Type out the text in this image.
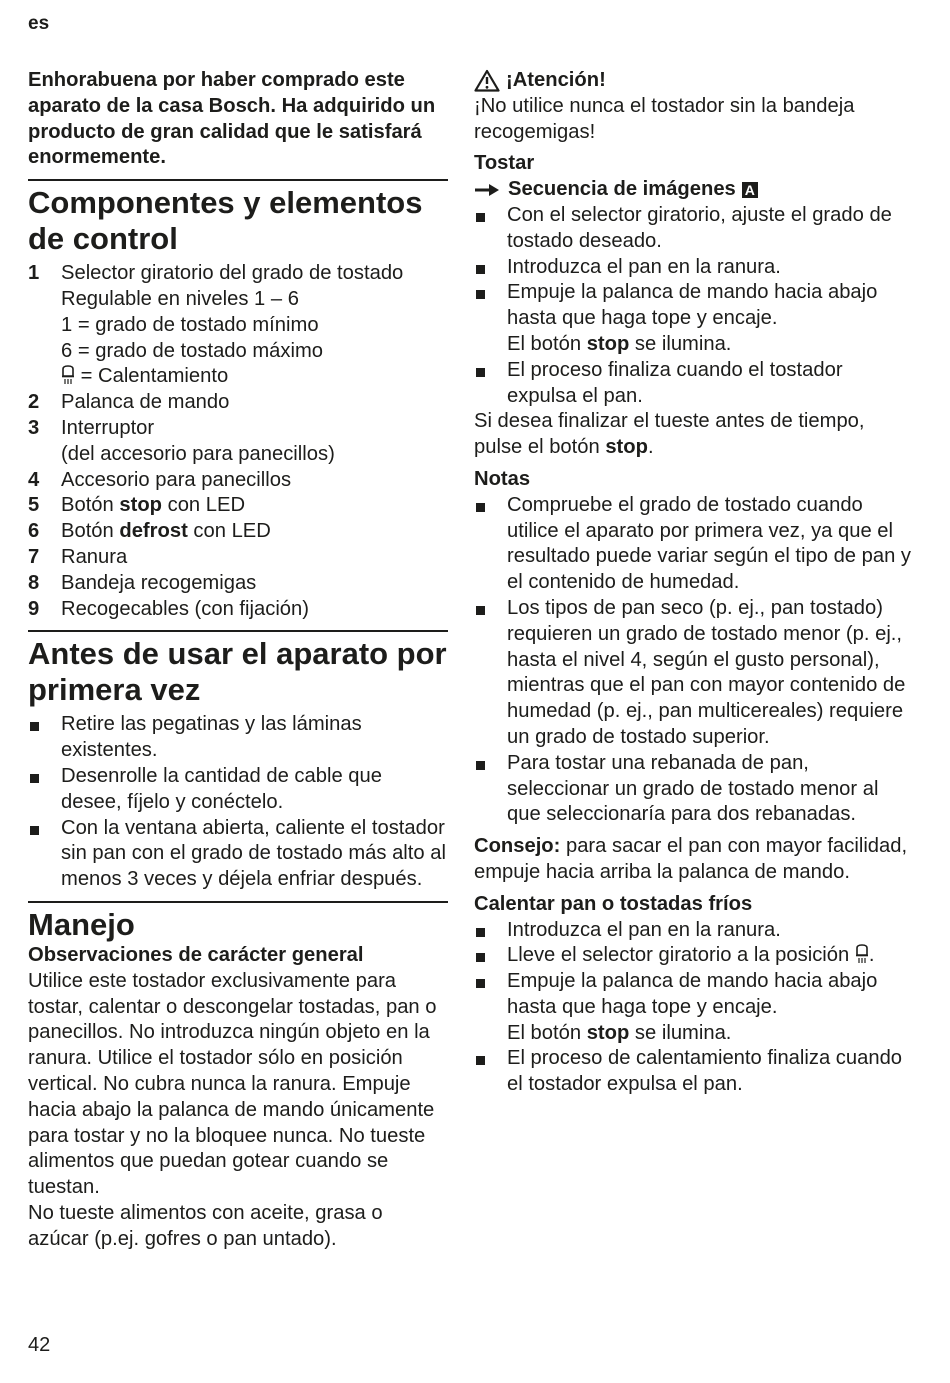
es

Enhorabuena por haber comprado este aparato de la casa Bosch. Ha adquirido un producto de gran calidad que le satisfará enormemente.

Componentes y elementos de control
1	Selector giratorio del grado de tostado
Regulable en niveles 1 – 6
1 = grado de tostado mínimo
6 = grado de tostado máximo
= Calentamiento
2	Palanca de mando
3	Interruptor
(del accesorio para panecillos)
4	Accesorio para panecillos
5	Botón stop con LED
6	Botón defrost con LED
7	Ranura
8	Bandeja recogemigas
9	Recogecables (con fijación)
Antes de usar el aparato por primera vez
Retire las pegatinas y las láminas existentes.
Desenrolle la cantidad de cable que desee, fíjelo y conéctelo.
Con la ventana abierta, caliente el tostador sin pan con el grado de tostado más alto al menos 3 veces y déjela enfriar después.
Manejo
Observaciones de carácter general

Utilice este tostador exclusivamente para tostar, calentar o descongelar tostadas, pan o panecillos. No introduzca ningún objeto en la ranura. Utilice el tostador sólo en posición vertical. No cubra nunca la ranura. Empuje hacia abajo la palanca de mando únicamente para tostar y no la bloquee nunca. No tueste alimentos que puedan gotear cuando se tuestan.

No tueste alimentos con aceite, grasa o azúcar (p.ej. gofres o pan untado).

¡Atención!

¡No utilice nunca el tostador sin la bandeja recogemigas!

Tostar
Secuencia de imágenes A
Con el selector giratorio, ajuste el grado de tostado deseado.
Introduzca el pan en la ranura.
Empuje la palanca de mando hacia abajo hasta que haga tope y encaje.
El botón stop se ilumina.
El proceso finaliza cuando el tostador expulsa el pan.

Si desea finalizar el tueste antes de tiempo, pulse el botón stop.

Notas
Compruebe el grado de tostado cuando utilice el aparato por primera vez, ya que el resultado puede variar según el tipo de pan y el contenido de humedad.
Los tipos de pan seco (p. ej., pan tostado) requieren un grado de tostado menor (p. ej., hasta el nivel 4, según el gusto personal), mientras que el pan con mayor contenido de humedad (p. ej., pan multicereales) requiere un grado de tostado superior.
Para tostar una rebanada de pan, seleccionar un grado de tostado menor al que seleccionaría para dos rebanadas.

Consejo: para sacar el pan con mayor facilidad, empuje hacia arriba la palanca de mando.

Calentar pan o tostadas fríos
Introduzca el pan en la ranura.
Lleve el selector giratorio a la posición .
Empuje la palanca de mando hacia abajo hasta que haga tope y encaje.
El botón stop se ilumina.
El proceso de calentamiento finaliza cuando el tostador expulsa el pan.
42
